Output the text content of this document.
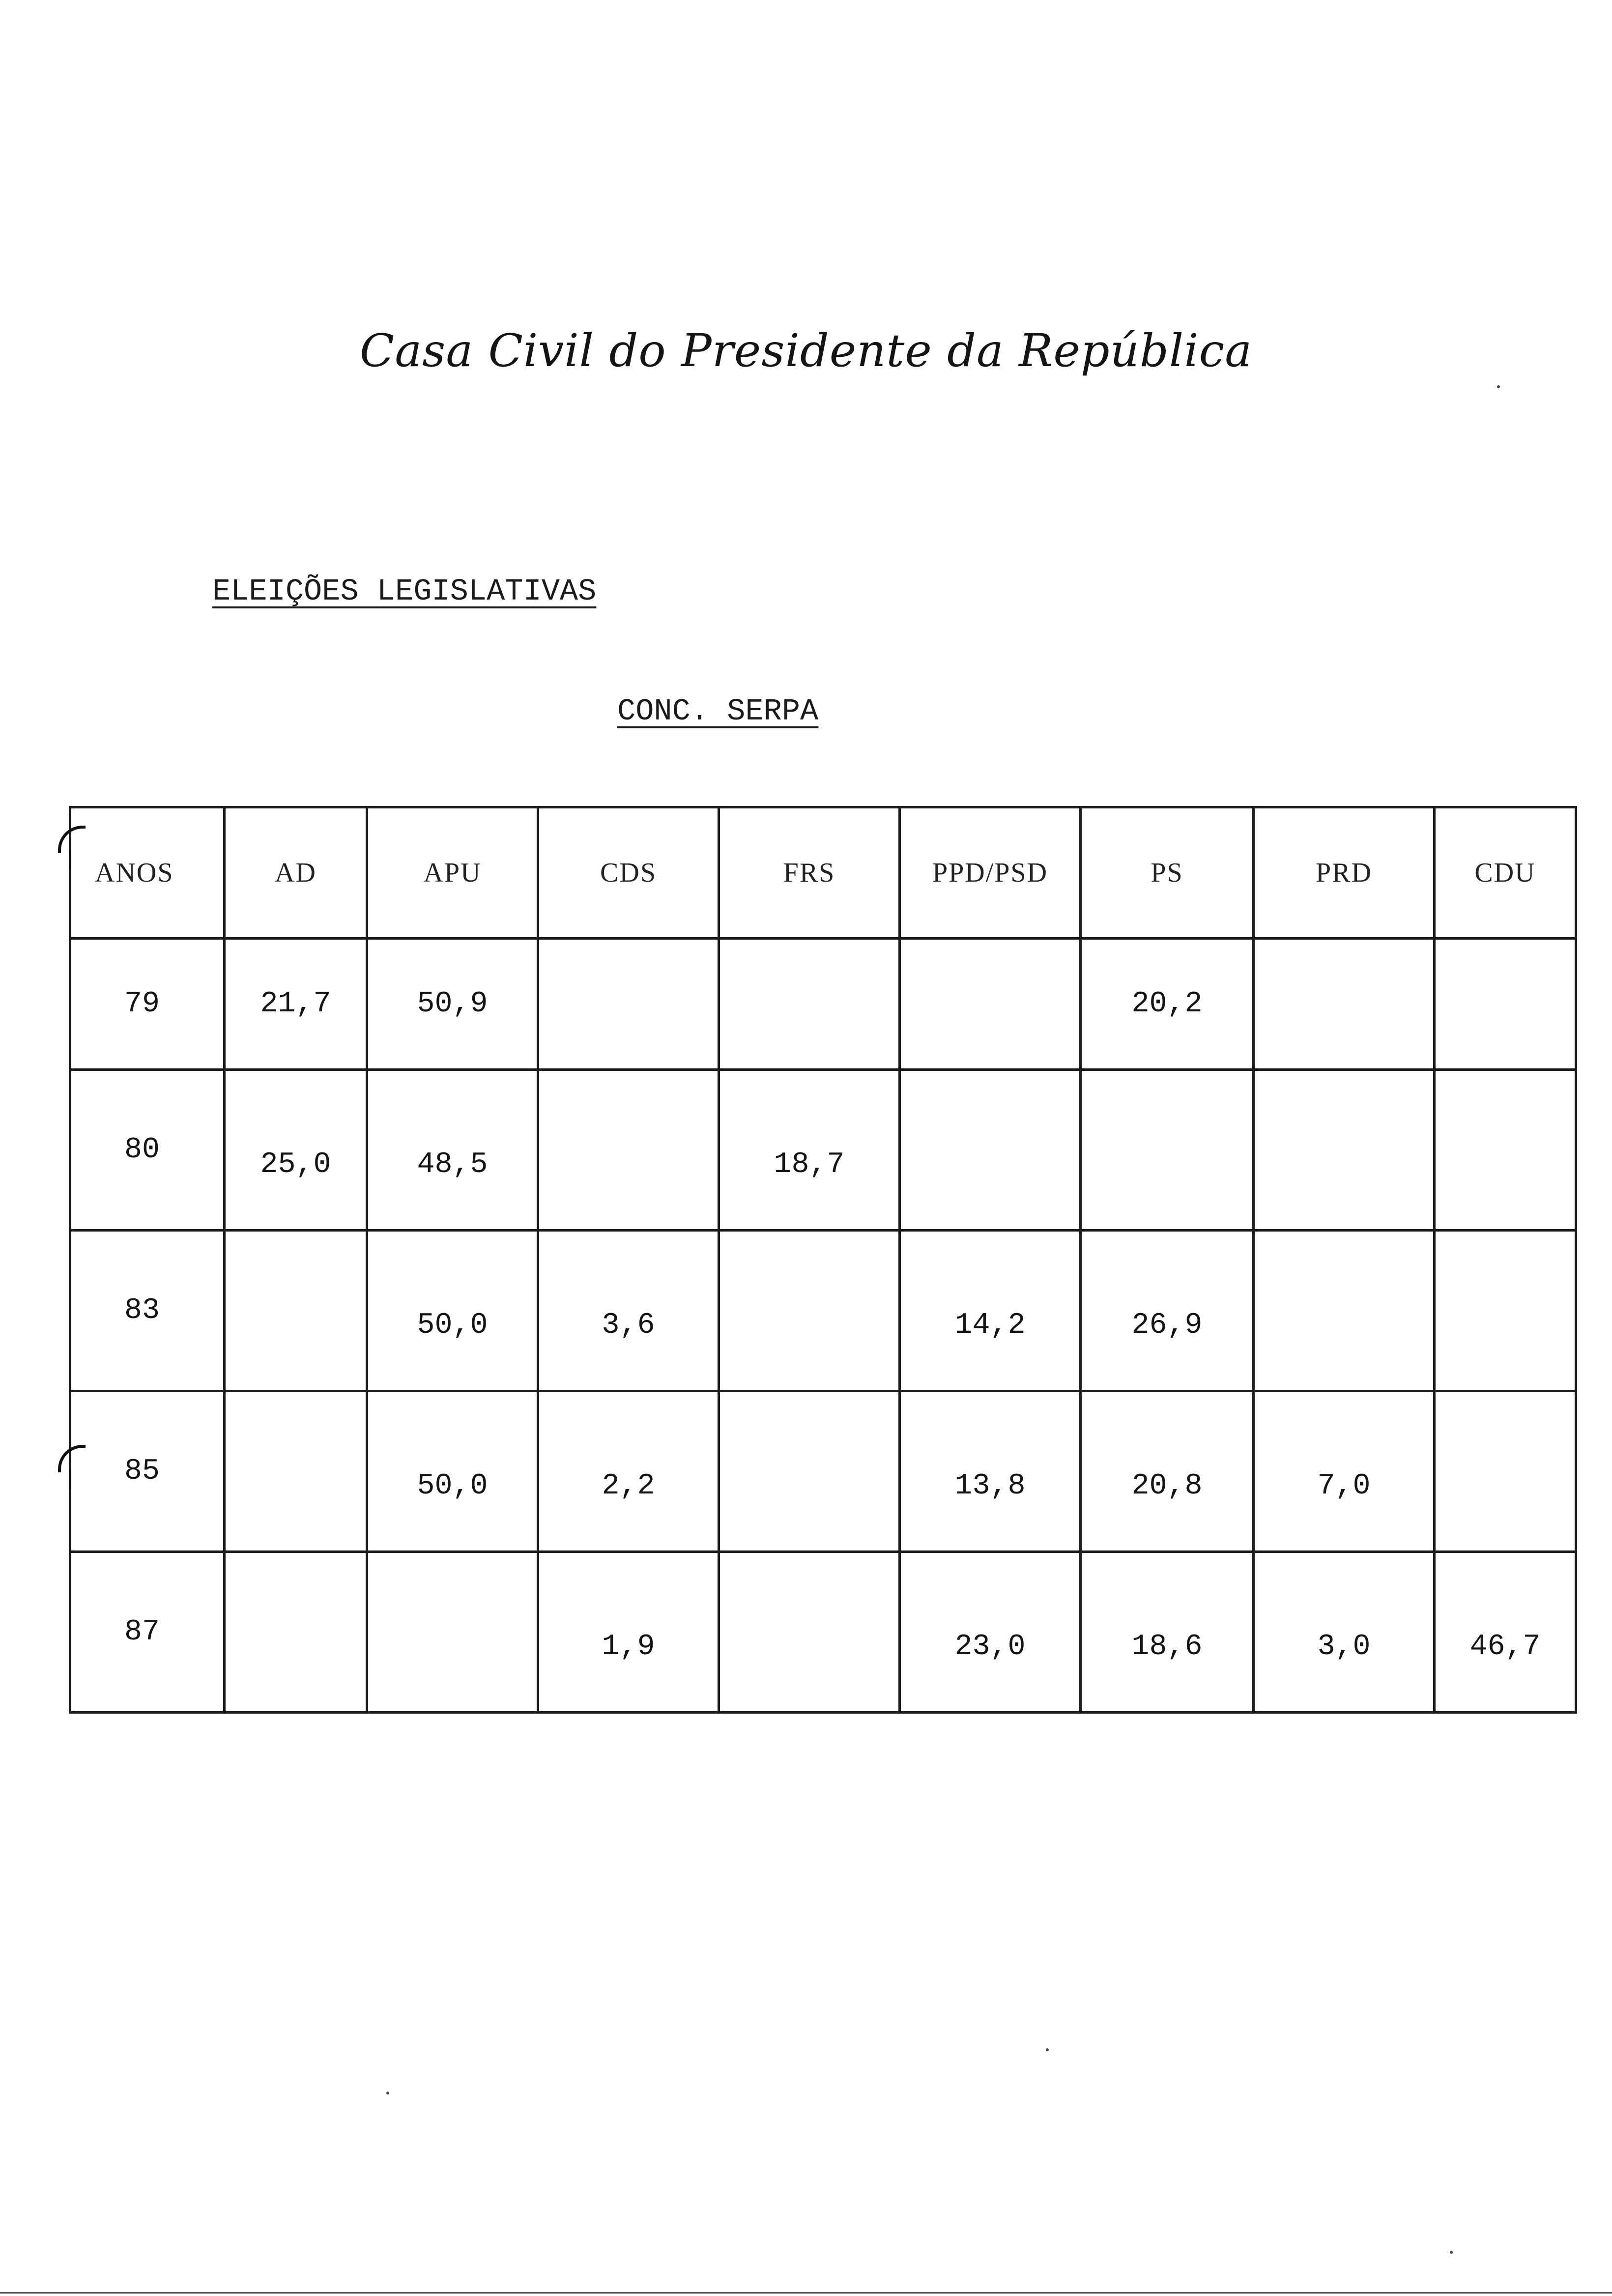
Casa Civil do Presidente da República
ELEIÇÕES LEGISLATIVAS
CONC. SERPA
ANOS	AD	APU	CDS	FRS	PPD/PSD	PS	PRD	CDU
79	21,7	50,9				20,2		
80	25,0	48,5		18,7				
83		50,0	3,6		14,2	26,9		
85		50,0	2,2		13,8	20,8	7,0	
87			1,9		23,0	18,6	3,0	46,7
